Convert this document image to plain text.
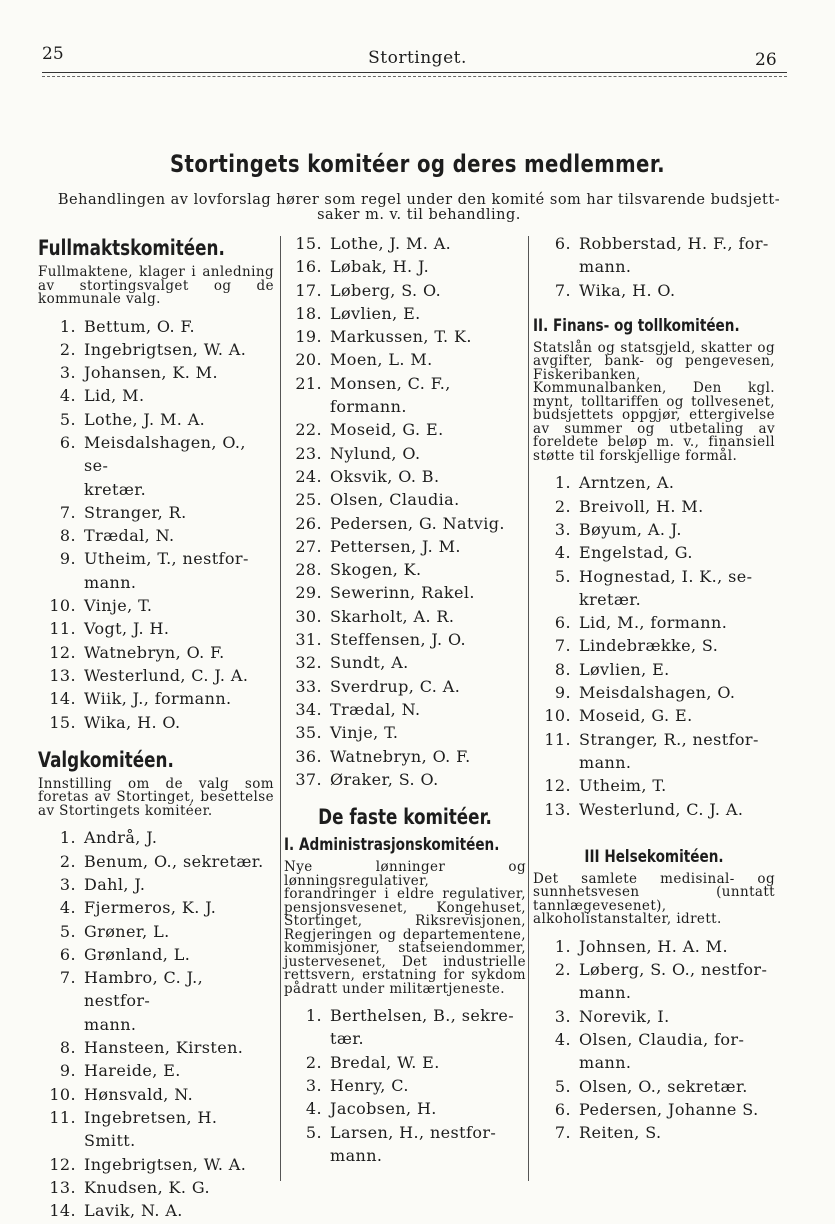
25	Stortinget.	26
Stortingets komitéer og deres medlemmer.
Behandlingen av lovforslag hører som regel under den komité som har tilsvarende budsjett-saker m. v. til behandling.
Fullmaktskomitéen.
Fullmaktene, klager i anledning av stortingsvalget og de kommunale valg.
1. Bettum, O. F.
2. Ingebrigtsen, W. A.
3. Johansen, K. M.
4. Lid, M.
5. Lothe, J. M. A.
6. Meisdalshagen, O., se-
kretær.
7. Stranger, R.
8. Trædal, N.
9. Utheim, T., nestfor-
mann.
10. Vinje, T.
11. Vogt, J. H.
12. Watnebryn, O. F.
13. Westerlund, C. J. A.
14. Wiik, J., formann.
15. Wika, H. O.
Valgkomitéen.
Innstilling om de valg som foretas av Stortinget, besettelse av Stortingets komitéer.
1. Andrå, J.
2. Benum, O., sekretær.
3. Dahl, J.
4. Fjermeros, K. J.
5. Grøner, L.
6. Grønland, L.
7. Hambro, C. J., nestfor-
mann.
8. Hansteen, Kirsten.
9. Hareide, E.
10. Hønsvald, N.
11. Ingebretsen, H. Smitt.
12. Ingebrigtsen, W. A.
13. Knudsen, K. G.
14. Lavik, N. A.
15. Lothe, J. M. A.
16. Løbak, H. J.
17. Løberg, S. O.
18. Løvlien, E.
19. Markussen, T. K.
20. Moen, L. M.
21. Monsen, C. F., formann.
22. Moseid, G. E.
23. Nylund, O.
24. Oksvik, O. B.
25. Olsen, Claudia.
26. Pedersen, G. Natvig.
27. Pettersen, J. M.
28. Skogen, K.
29. Sewerinn, Rakel.
30. Skarholt, A. R.
31. Steffensen, J. O.
32. Sundt, A.
33. Sverdrup, C. A.
34. Trædal, N.
35. Vinje, T.
36. Watnebryn, O. F.
37. Øraker, S. O.
De faste komitéer.
I. Administrasjonskomitéen.
Nye lønninger og lønningsregulativer, forandringer i eldre regulativer, pensjonsvesenet, Kongehuset, Stortinget, Riksrevisjonen, Regjeringen og departementene, kommisjoner, statseiendommer, justervesenet, Det industrielle rettsvern, erstatning for sykdom pådratt under militærtjeneste.
1. Berthelsen, B., sekre-
tær.
2. Bredal, W. E.
3. Henry, C.
4. Jacobsen, H.
5. Larsen, H., nestfor-
mann.
6. Robberstad, H. F., for-
mann.
7. Wika, H. O.
II. Finans- og tollkomitéen.
Statslån og statsgjeld, skatter og avgifter, bank- og pengevesen, Fiskeribanken, Kommunalbanken, Den kgl. mynt, tolltariffen og tollvesenet, budsjettets oppgjør, ettergivelse av summer og utbetaling av foreldete beløp m. v., finansiell støtte til forskjellige formål.
1. Arntzen, A.
2. Breivoll, H. M.
3. Bøyum, A. J.
4. Engelstad, G.
5. Hognestad, I. K., se-
kretær.
6. Lid, M., formann.
7. Lindebrække, S.
8. Løvlien, E.
9. Meisdalshagen, O.
10. Moseid, G. E.
11. Stranger, R., nestfor-
mann.
12. Utheim, T.
13. Westerlund, C. J. A.
III Helsekomitéen.
Det samlete medisinal- og sunnhetsvesen (unntatt tannlægevesenet), alkoholistanstalter, idrett.
1. Johnsen, H. A. M.
2. Løberg, S. O., nestfor-
mann.
3. Norevik, I.
4. Olsen, Claudia, for-
mann.
5. Olsen, O., sekretær.
6. Pedersen, Johanne S.
7. Reiten, S.
